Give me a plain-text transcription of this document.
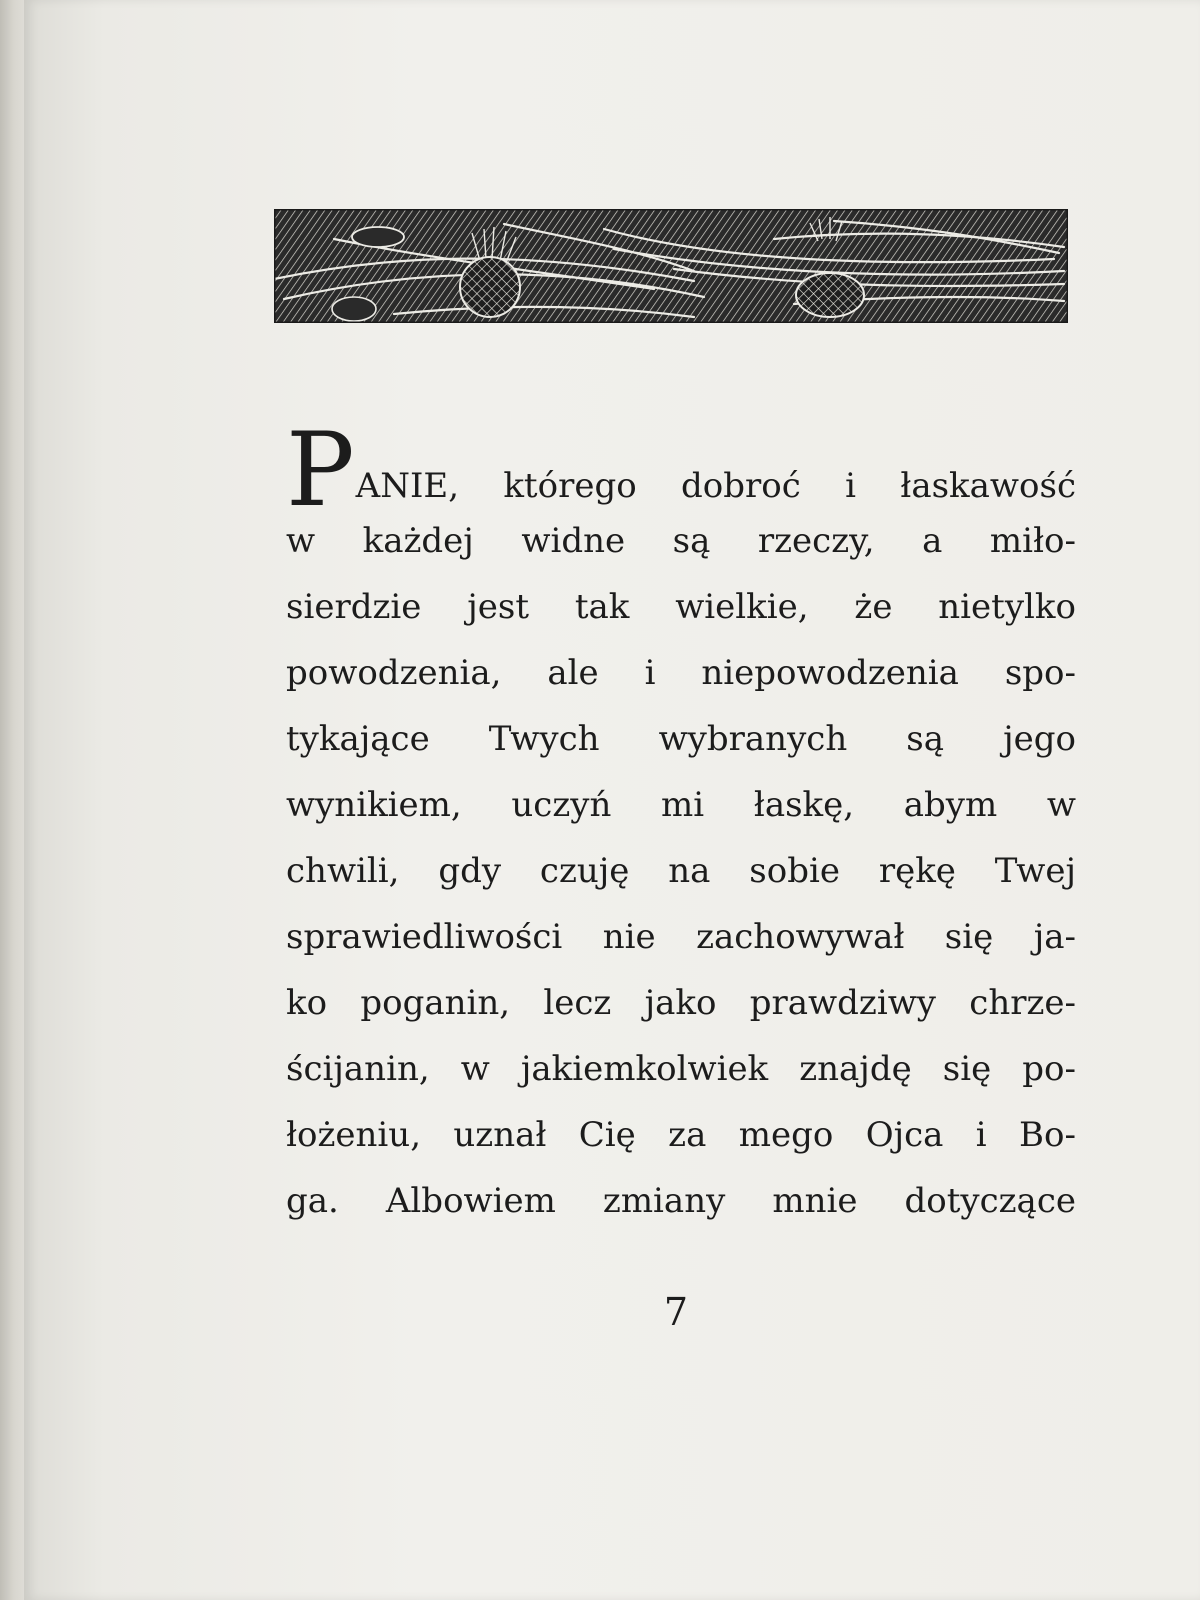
PANIE, którego dobroć i łaskawość
w każdej widne są rzeczy, a miło-
sierdzie jest tak wielkie, że nietylko
powodzenia, ale i niepowodzenia spo-
tykające Twych wybranych są jego
wynikiem, uczyń mi łaskę, abym w
chwili, gdy czuję na sobie rękę Twej
sprawiedliwości nie zachowywał się ja-
ko poganin, lecz jako prawdziwy chrze-
ścijanin, w jakiemkolwiek znajdę się po-
łożeniu, uznał Cię za mego Ojca i Bo-
ga. Albowiem zmiany mnie dotyczące
7
